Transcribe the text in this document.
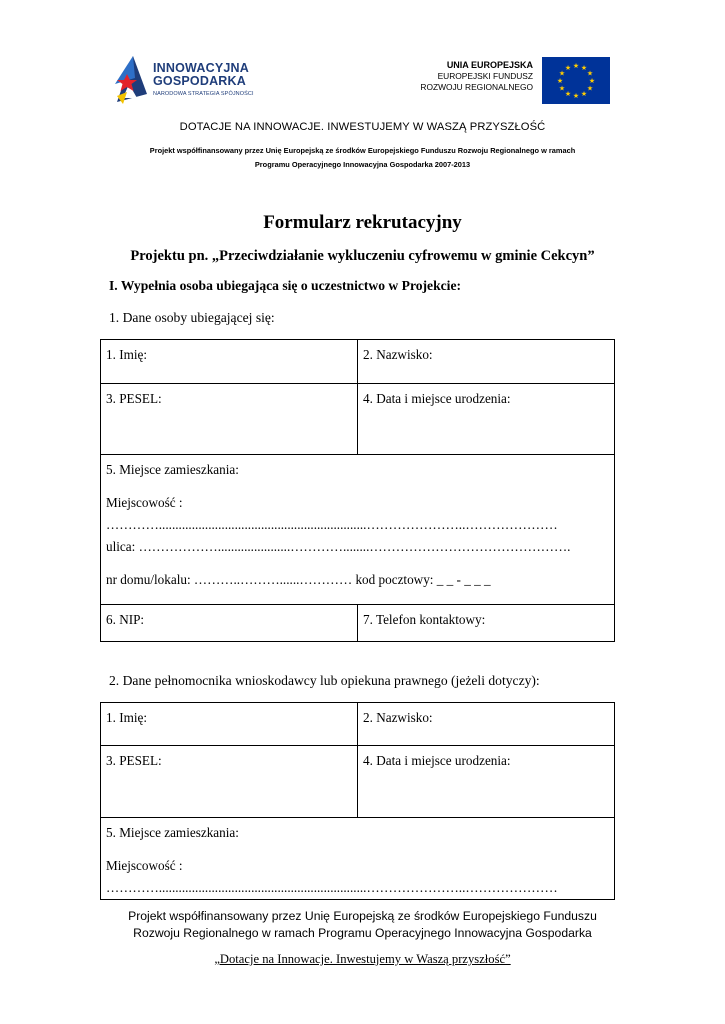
INNOWACYJNA
GOSPODARKA
NARODOWA STRATEGIA SPÓJNOŚCI
UNIA EUROPEJSKA
EUROPEJSKI FUNDUSZ
ROZWOJU REGIONALNEGO
★ ★
★
★
★
★
★
★
★
★
★
★
DOTACJE NA INNOWACJE. INWESTUJEMY W WASZĄ PRZYSZŁOŚĆ
Projekt współfinansowany przez Unię Europejską ze środków Europejskiego Funduszu Rozwoju Regionalnego w ramach
Programu Operacyjnego Innowacyjna Gospodarka 2007-2013
Formularz rekrutacyjny
Projektu pn. „Przeciwdziałanie wykluczeniu cyfrowemu w gminie Cekcyn”
I. Wypełnia osoba ubiegająca się o uczestnictwo w Projekcie:
1. Dane osoby ubiegającej się:
1. Imię:	2. Nazwisko:
3. PESEL:	4. Data i miejsce urodzenia:

5. Miejsce zamieszkania:
Miejscowość :
…………...............................................................…………………..…………………
ulica: ………………......................…………........……………………………………….
nr domu/lokalu: ………..………......………… kod pocztowy: _ _ - _ _ _	

6. NIP:	7. Telefon kontaktowy:
2. Dane pełnomocnika wnioskodawcy lub opiekuna prawnego (jeżeli dotyczy):
1. Imię:	2. Nazwisko:
3. PESEL:	4. Data i miejsce urodzenia:

5. Miejsce zamieszkania:
Miejscowość :
…………...............................................................…………………..…………………	
Projekt współfinansowany przez Unię Europejską ze środków Europejskiego Funduszu
Rozwoju Regionalnego w ramach Programu Operacyjnego Innowacyjna Gospodarka
„Dotacje na Innowacje. Inwestujemy w Waszą przyszłość”
